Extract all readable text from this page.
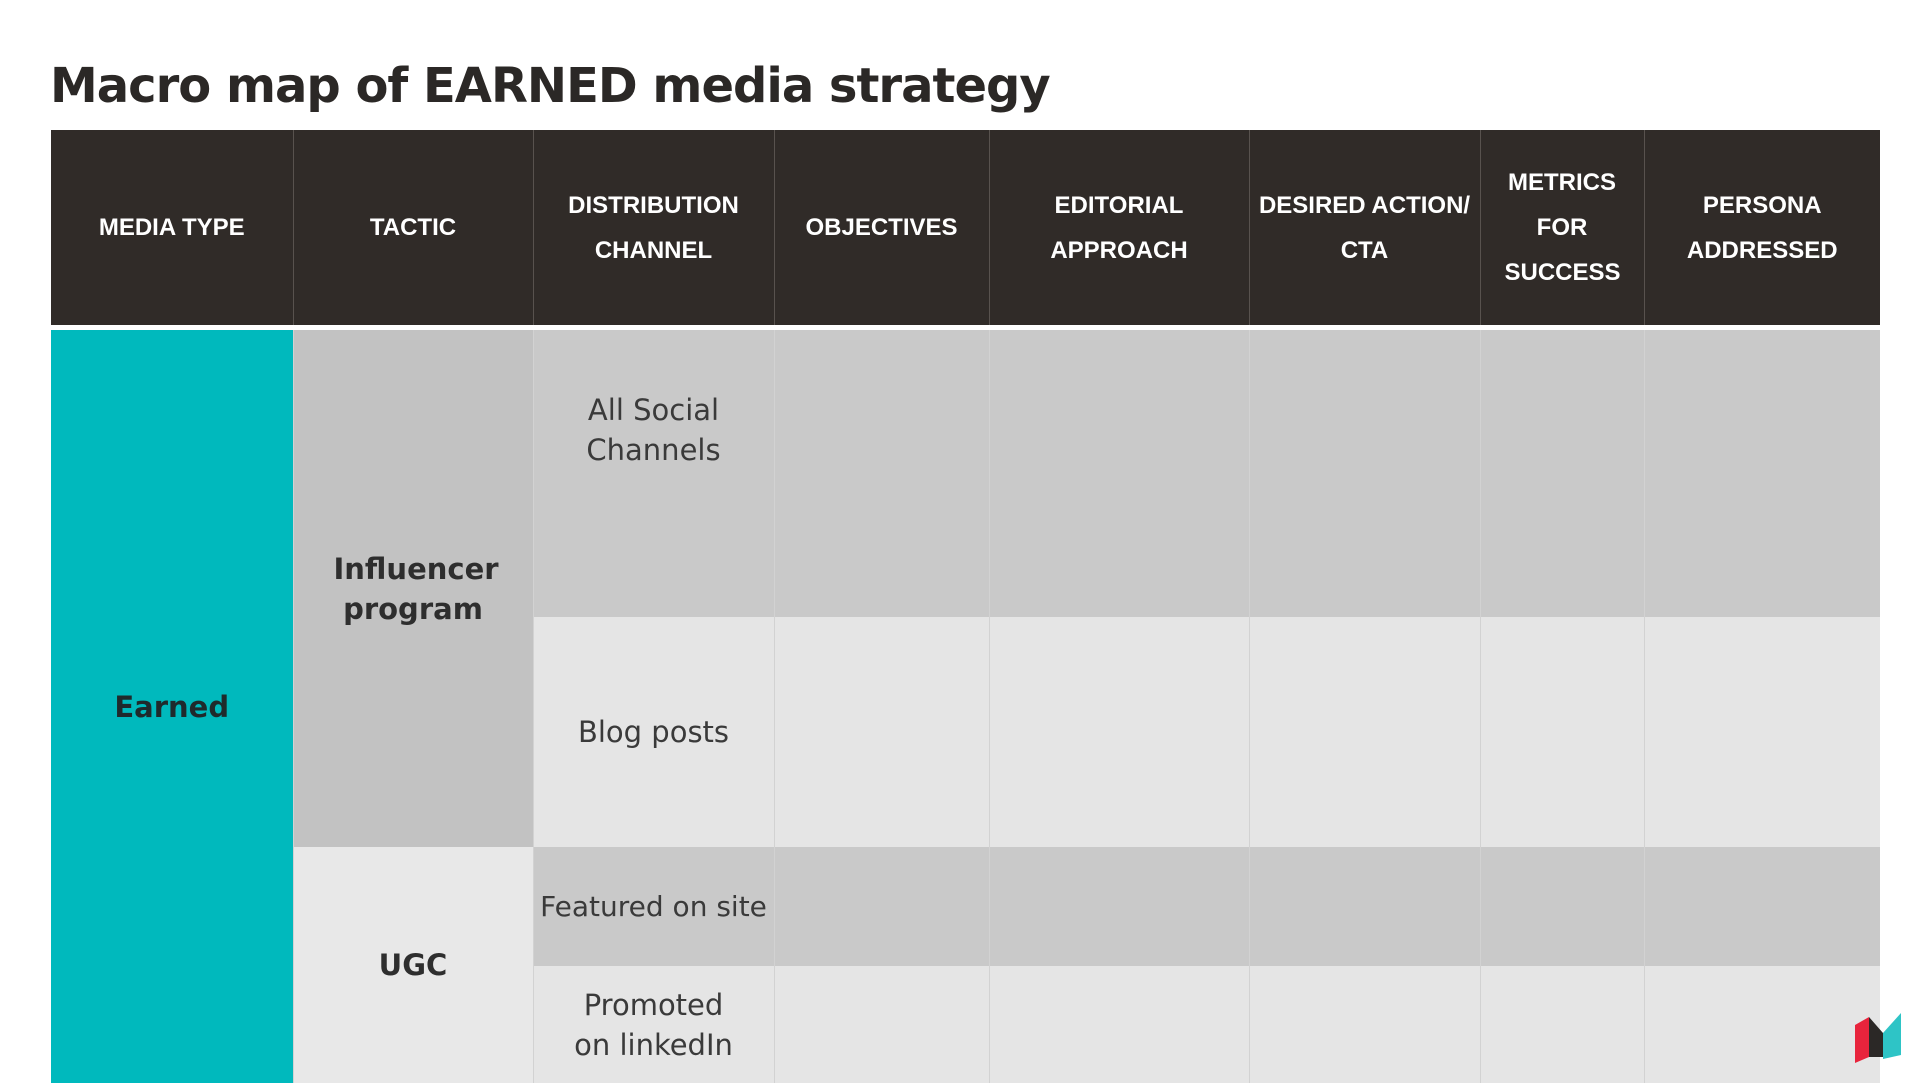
Macro map of EARNED media strategy
MEDIA TYPE	TACTIC	DISTRIBUTION CHANNEL	OBJECTIVES	EDITORIAL APPROACH	DESIRED ACTION/ CTA	METRICS FOR SUCCESS	PERSONA ADDRESSED

Earned	Influencer program	All Social Channels					
		Blog posts					
	UGC	Featured on site					
		Promoted on linkedIn					
